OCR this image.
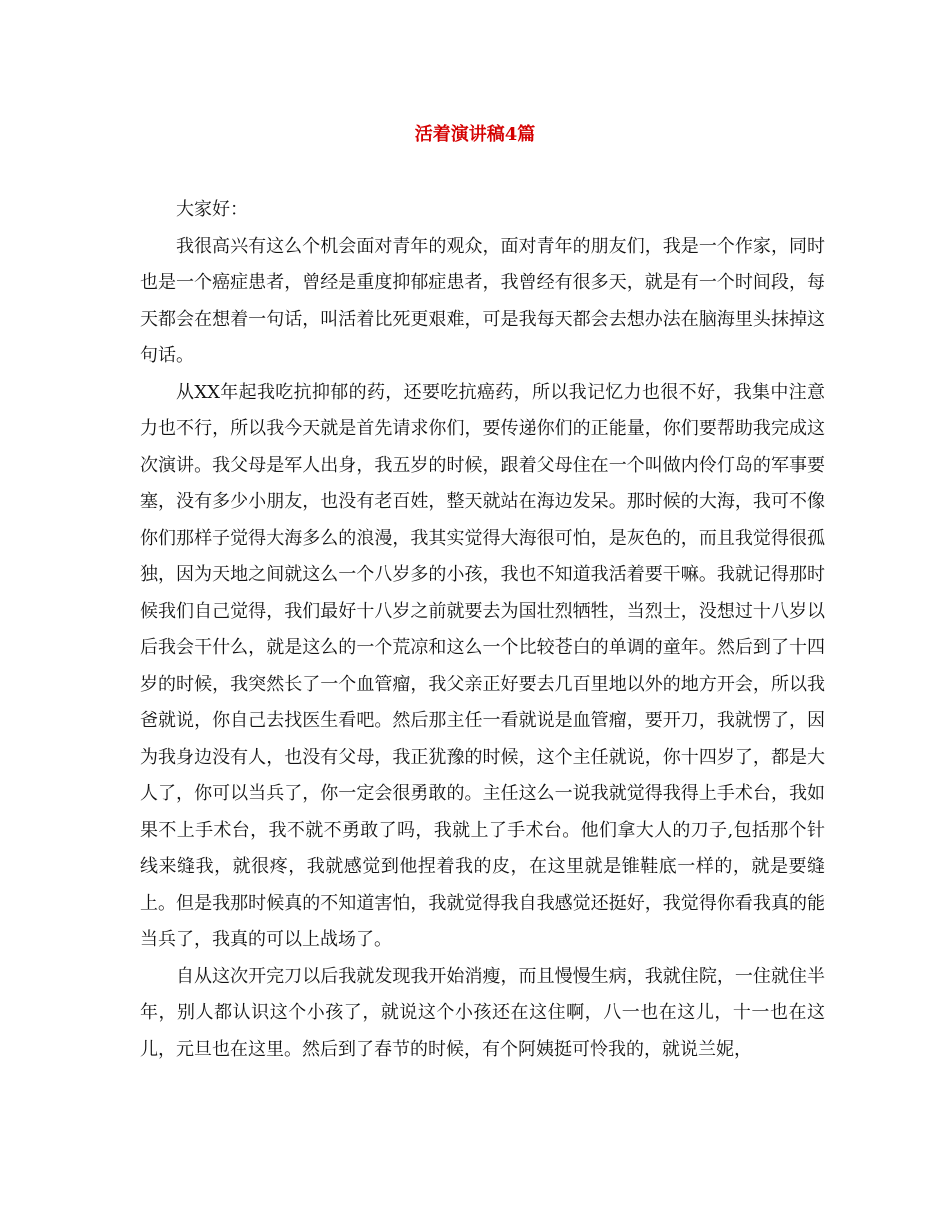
活着演讲稿4篇

大家好：

我很高兴有这么个机会面对青年的观众，面对青年的朋友们，我是一个作家，同时也是一个癌症患者，曾经是重度抑郁症患者，我曾经有很多天，就是有一个时间段，每天都会在想着一句话，叫活着比死更艰难，可是我每天都会去想办法在脑海里头抹掉这句话。

从XX年起我吃抗抑郁的药，还要吃抗癌药，所以我记忆力也很不好，我集中注意力也不行，所以我今天就是首先请求你们，要传递你们的正能量，你们要帮助我完成这次演讲。我父母是军人出身，我五岁的时候，跟着父母住在一个叫做内伶仃岛的军事要塞，没有多少小朋友，也没有老百姓，整天就站在海边发呆。那时候的大海，我可不像你们那样子觉得大海多么的浪漫，我其实觉得大海很可怕，是灰色的，而且我觉得很孤独，因为天地之间就这么一个八岁多的小孩，我也不知道我活着要干嘛。我就记得那时候我们自己觉得，我们最好十八岁之前就要去为国壮烈牺牲，当烈士，没想过十八岁以后我会干什么，就是这么的一个荒凉和这么一个比较苍白的单调的童年。然后到了十四岁的时候，我突然长了一个血管瘤，我父亲正好要去几百里地以外的地方开会，所以我爸就说，你自己去找医生看吧。然后那主任一看就说是血管瘤，要开刀，我就愣了，因为我身边没有人，也没有父母，我正犹豫的时候，这个主任就说，你十四岁了，都是大人了，你可以当兵了，你一定会很勇敢的。主任这么一说我就觉得我得上手术台，我如果不上手术台，我不就不勇敢了吗，我就上了手术台。他们拿大人的刀子,包括那个针线来缝我，就很疼，我就感觉到他捏着我的皮，在这里就是锥鞋底一样的，就是要缝上。但是我那时候真的不知道害怕，我就觉得我自我感觉还挺好，我觉得你看我真的能当兵了，我真的可以上战场了。

自从这次开完刀以后我就发现我开始消瘦，而且慢慢生病，我就住院，一住就住半年，别人都认识这个小孩了，就说这个小孩还在这住啊，八一也在这儿，十一也在这儿，元旦也在这里。然后到了春节的时候，有个阿姨挺可怜我的，就说兰妮，
